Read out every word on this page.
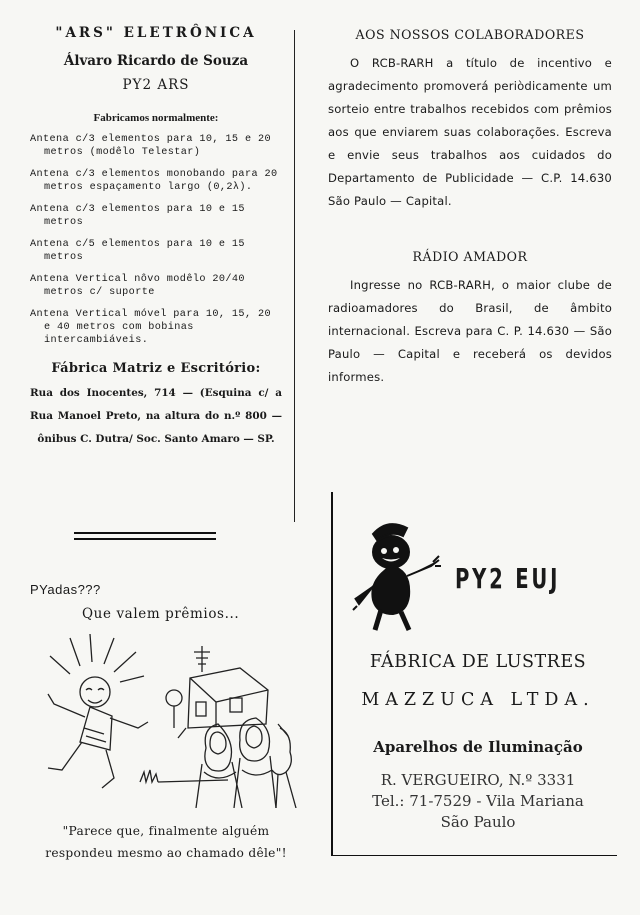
"ARS" ELETRÔNICA
Álvaro Ricardo de Souza
PY2 ARS
Fabricamos normalmente:
Antena c/3 elementos para 10, 15 e 20 metros (modêlo Telestar)
Antena c/3 elementos monobando para 20 metros espaçamento largo (0,2λ).
Antena c/3 elementos para 10 e 15 metros
Antena c/5 elementos para 10 e 15 metros
Antena Vertical nôvo modêlo 20/40 metros c/ suporte
Antena Vertical móvel para 10, 15, 20 e 40 metros com bobinas intercambiáveis.
Fábrica Matriz e Escritório:
Rua dos Inocentes, 714 — (Esquina c/ a Rua Manoel Preto, na altura do n.º 800 — ônibus C. Dutra/ Soc. Santo Amaro — SP.
PYadas???
Que valem prêmios...
"Parece que, finalmente alguém respondeu mesmo ao chamado dêle"!
AOS NOSSOS COLABORADORES
O RCB-RARH a título de incentivo e agradecimento promoverá periòdicamente um sorteio entre trabalhos recebidos com prêmios aos que enviarem suas colaborações. Escreva e envie seus trabalhos aos cuidados do Departamento de Publicidade — C.P. 14.630 São Paulo — Capital.
RÁDIO AMADOR
Ingresse no RCB-RARH, o maior clube de radioamadores do Brasil, de âmbito internacional. Escreva para C. P. 14.630 — São Paulo — Capital e receberá os devidos informes.
PY2 EUJ
FÁBRICA DE LUSTRES
MAZZUCA LTDA.
Aparelhos de Iluminação
R. VERGUEIRO, N.º 3331
Tel.: 71-7529 - Vila Mariana
São Paulo
